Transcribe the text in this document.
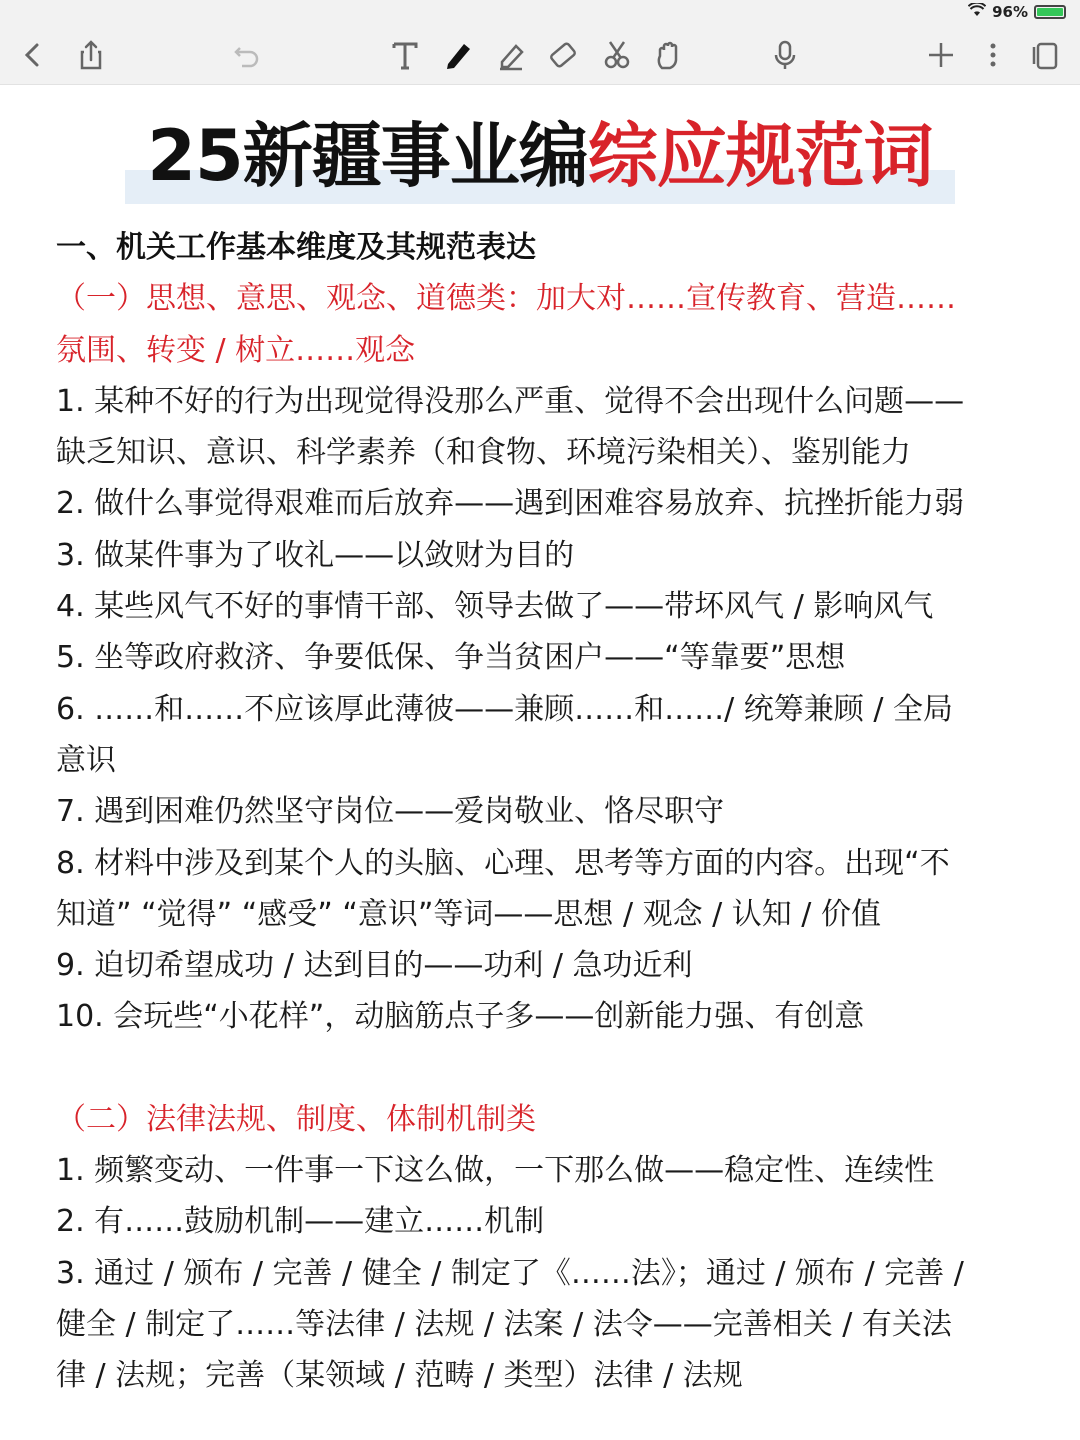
96%
25新疆事业编综应规范词

一、机关工作基本维度及其规范表达

（一）思想、意思、观念、道德类：加大对……宣传教育、营造……

氛围、转变 / 树立……观念

1. 某种不好的行为出现觉得没那么严重、觉得不会出现什么问题——

缺乏知识、意识、科学素养（和食物、环境污染相关）、鉴别能力

2. 做什么事觉得艰难而后放弃——遇到困难容易放弃、抗挫折能力弱

3. 做某件事为了收礼——以敛财为目的

4. 某些风气不好的事情干部、领导去做了——带坏风气 / 影响风气

5. 坐等政府救济、争要低保、争当贫困户——“等靠要”思想

6. ……和……不应该厚此薄彼——兼顾……和……/ 统筹兼顾 / 全局

意识

7. 遇到困难仍然坚守岗位——爱岗敬业、恪尽职守

8. 材料中涉及到某个人的头脑、心理、思考等方面的内容。出现“不

知道” “觉得” “感受” “意识”等词——思想 / 观念 / 认知 / 价值

9. 迫切希望成功 / 达到目的——功利 / 急功近利

10. 会玩些“小花样”，动脑筋点子多——创新能力强、有创意

（二）法律法规、制度、体制机制类

1. 频繁变动、一件事一下这么做，一下那么做——稳定性、连续性

2. 有……鼓励机制——建立……机制

3. 通过 / 颁布 / 完善 / 健全 / 制定了《……法》；通过 / 颁布 / 完善 /

健全 / 制定了……等法律 / 法规 / 法案 / 法令——完善相关 / 有关法

律 / 法规；完善（某领域 / 范畴 / 类型）法律 / 法规
